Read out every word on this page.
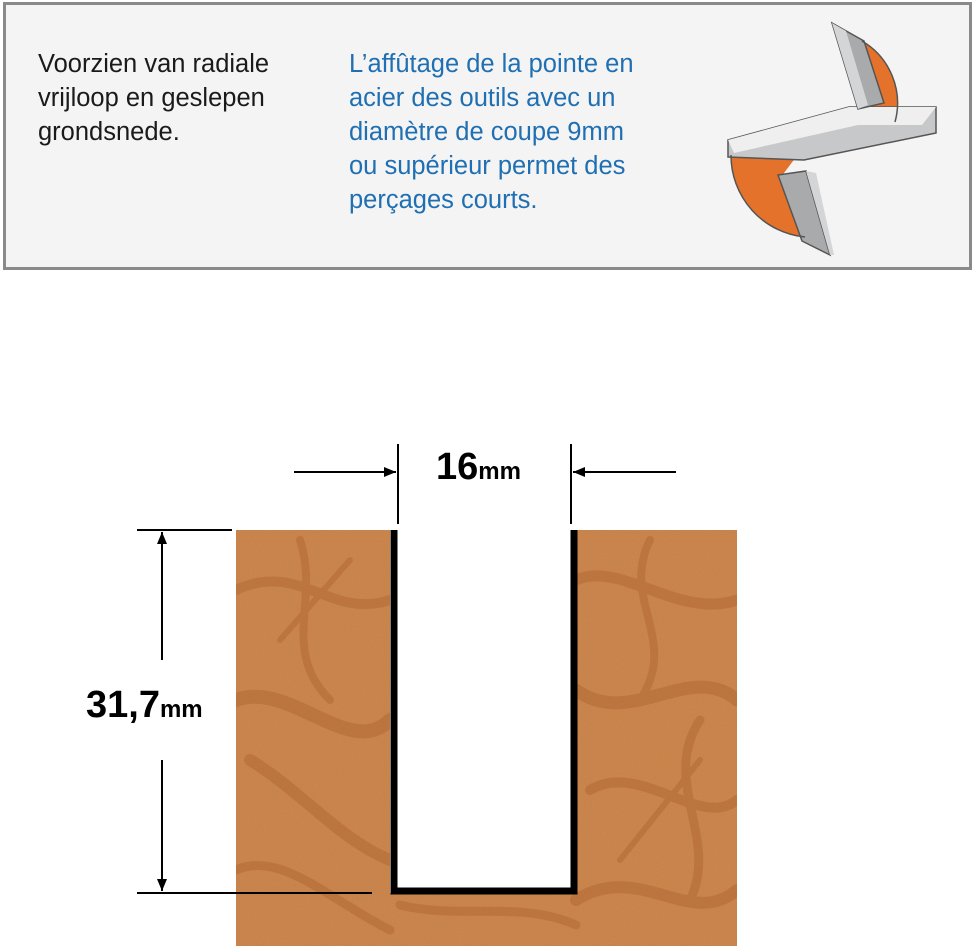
Voorzien van radiale
vrijloop en geslepen
grondsnede.

L’affûtage de la pointe en
acier des outils avec un
diamètre de coupe 9mm
ou supérieur permet des
perçages courts.

16mm

31,7mm
